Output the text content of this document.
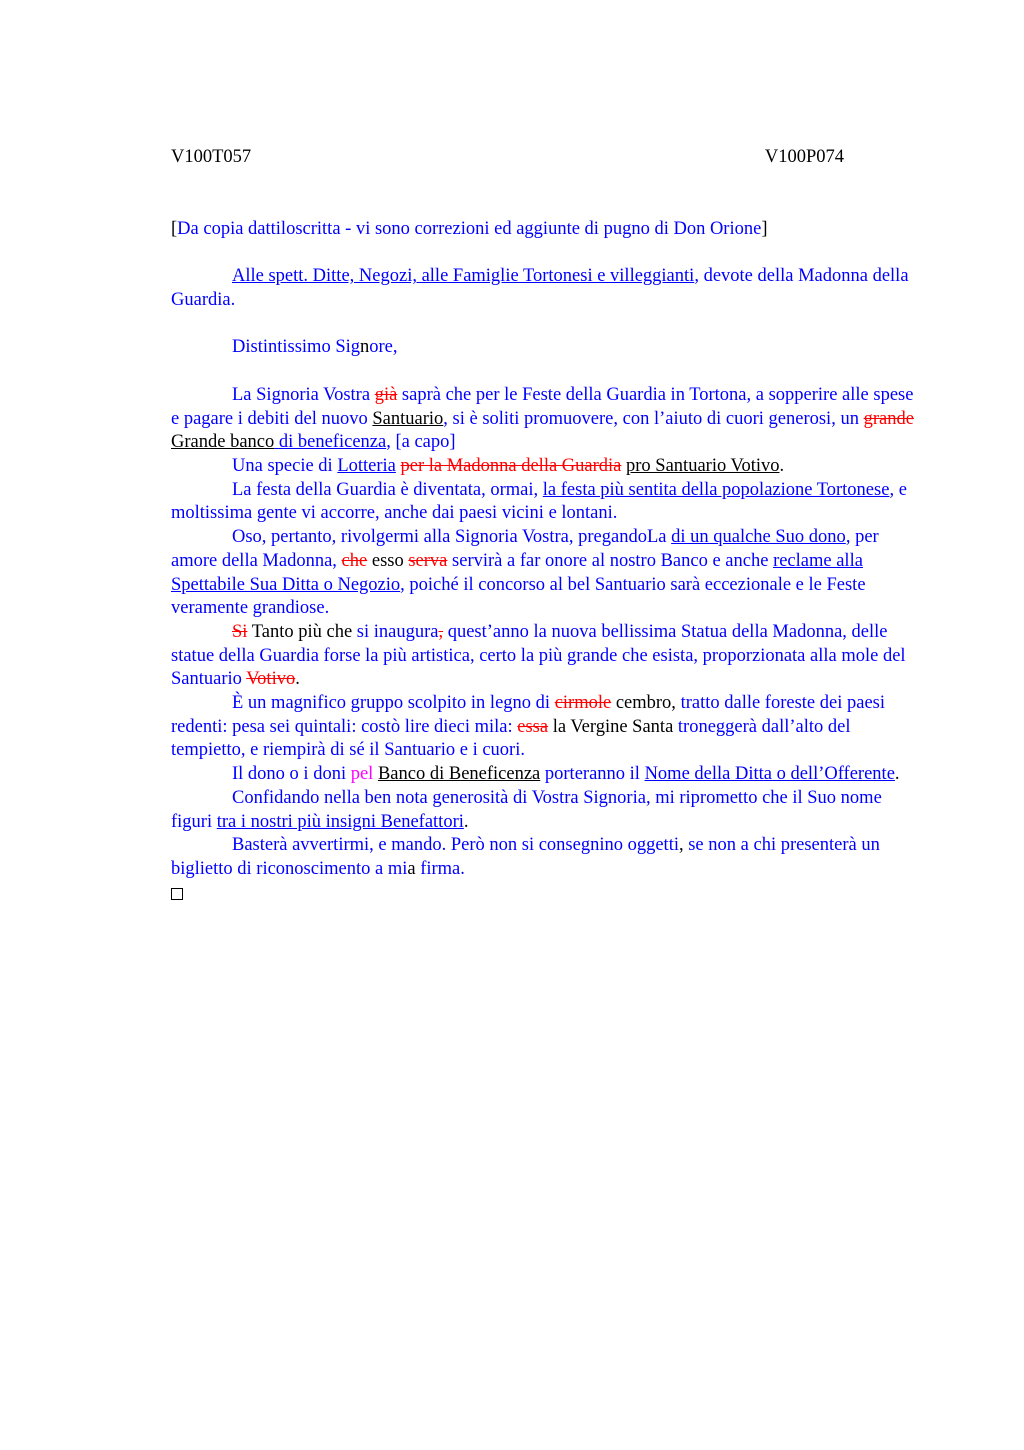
V100T057	V100P074
[Da copia dattiloscritta - vi sono correzioni ed aggiunte di pugno di Don Orione]

Alle spett. Ditte, Negozi, alle Famiglie Tortonesi e villeggianti, devote della Madonna della Guardia.

Distintissimo Signore,

La Signoria Vostra già saprà che per le Feste della Guardia in Tortona, a sopperire alle spese e pagare i debiti del nuovo Santuario, si è soliti promuovere, con l’aiuto di cuori generosi, un grande Grande banco di beneficenza, [a capo]

Una specie di Lotteria per la Madonna della Guardia pro Santuario Votivo.

La festa della Guardia è diventata, ormai, la festa più sentita della popolazione Tortonese, e moltissima gente vi accorre, anche dai paesi vicini e lontani.

Oso, pertanto, rivolgermi alla Signoria Vostra, pregandoLa di un qualche Suo dono, per amore della Madonna, che esso serva servirà a far onore al nostro Banco e anche reclame alla Spettabile Sua Ditta o Negozio, poiché il concorso al bel Santuario sarà eccezionale e le Feste veramente grandiose.

Si Tanto più che si inaugura, quest’anno la nuova bellissima Statua della Madonna, delle statue della Guardia forse la più artistica, certo la più grande che esista, proporzionata alla mole del Santuario Votivo.

È un magnifico gruppo scolpito in legno di cirmole cembro, tratto dalle foreste dei paesi redenti: pesa sei quintali: costò lire dieci mila: essa la Vergine Santa troneggerà dall’alto del tempietto, e riempirà di sé il Santuario e i cuori.

Il dono o i doni pel Banco di Beneficenza porteranno il Nome della Ditta o dell’Offerente.

Confidando nella ben nota generosità di Vostra Signoria, mi riprometto che il Suo nome figuri tra i nostri più insigni Benefattori.

Basterà avvertirmi, e mando. Però non si consegnino oggetti, se non a chi presenterà un biglietto di riconoscimento a mia firma.
